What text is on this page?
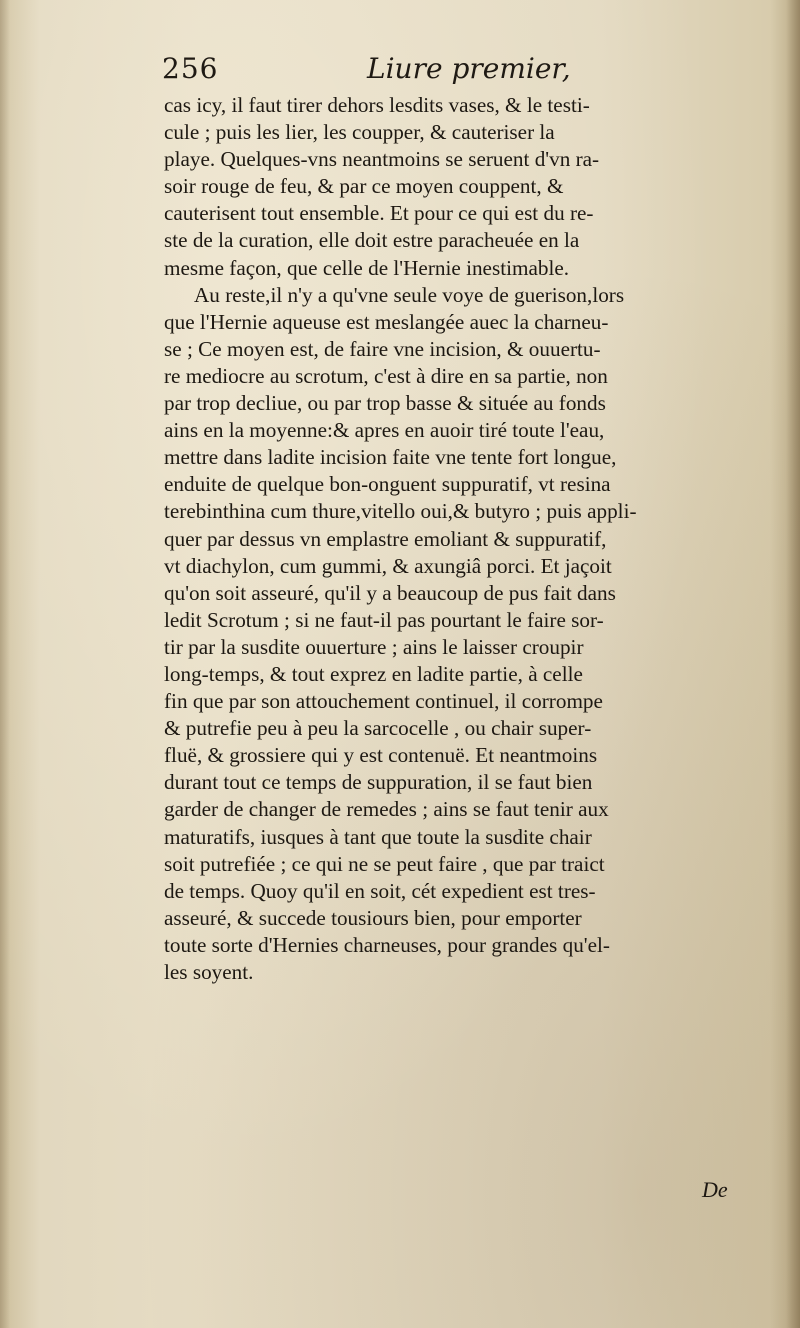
256	Liure premier,
cas icy, il faut tirer dehors lesdits vases, & le testi-
cule ; puis les lier, les coupper, & cauteriser la
playe. Quelques-vns neantmoins se seruent d'vn ra-
soir rouge de feu, & par ce moyen couppent, &
cauterisent tout ensemble. Et pour ce qui est du re-
ste de la curation, elle doit estre paracheuée en la
mesme façon, que celle de l'Hernie inestimable.
Au reste,il n'y a qu'vne seule voye de guerison,lors
que l'Hernie aqueuse est meslangée auec la charneu-
se ; Ce moyen est, de faire vne incision, & ouuertu-
re mediocre au scrotum, c'est à dire en sa partie, non
par trop decliue, ou par trop basse & située au fonds
ains en la moyenne:& apres en auoir tiré toute l'eau,
mettre dans ladite incision faite vne tente fort longue,
enduite de quelque bon-onguent suppuratif, vt resina
terebinthina cum thure,vitello oui,& butyro ; puis appli-
quer par dessus vn emplastre emoliant & suppuratif,
vt diachylon, cum gummi, & axungiâ porci. Et jaçoit
qu'on soit asseuré, qu'il y a beaucoup de pus fait dans
ledit Scrotum ; si ne faut-il pas pourtant le faire sor-
tir par la susdite ouuerture ; ains le laisser croupir
long-temps, & tout exprez en ladite partie, à celle
fin que par son attouchement continuel, il corrompe
& putrefie peu à peu la sarcocelle , ou chair super-
fluë, & grossiere qui y est contenuë. Et neantmoins
durant tout ce temps de suppuration, il se faut bien
garder de changer de remedes ; ains se faut tenir aux
maturatifs, iusques à tant que toute la susdite chair
soit putrefiée ; ce qui ne se peut faire , que par traict
de temps. Quoy qu'il en soit, cét expedient est tres-
asseuré, & succede tousiours bien, pour emporter
toute sorte d'Hernies charneuses, pour grandes qu'el-
les soyent.
De
